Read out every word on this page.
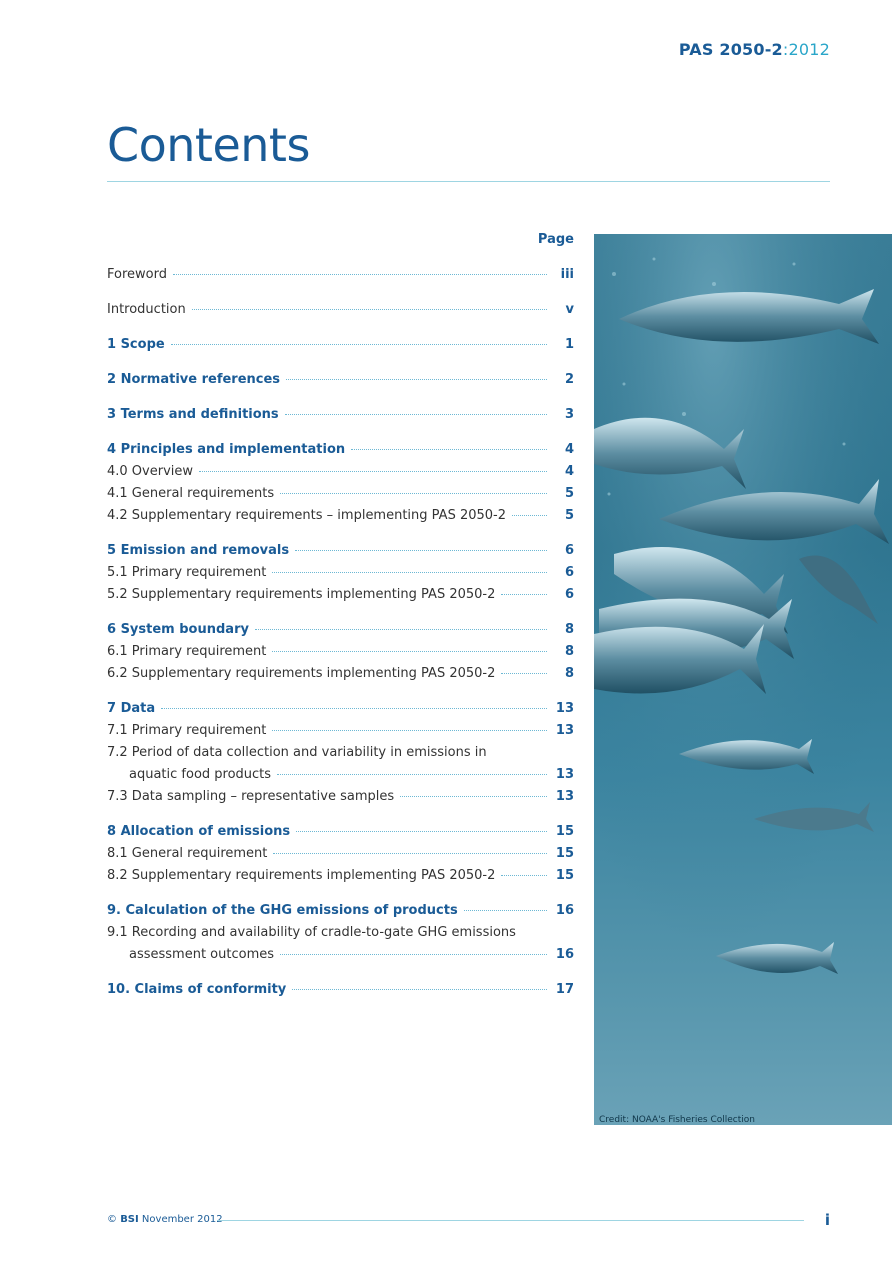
PAS 2050-2:2012
Contents
Page
Foreword	iii
Introduction	v
1 Scope	1
2 Normative references	2
3 Terms and definitions	3
4 Principles and implementation	4
4.0 Overview	4
4.1 General requirements	5
4.2 Supplementary requirements – implementing PAS 2050-2	5
5 Emission and removals	6
5.1 Primary requirement	6
5.2 Supplementary requirements implementing PAS 2050-2	6
6 System boundary	8
6.1 Primary requirement	8
6.2 Supplementary requirements implementing PAS 2050-2	8
7 Data	13
7.1 Primary requirement	13
7.2 Period of data collection and variability in emissions in
aquatic food products	13
7.3 Data sampling – representative samples	13
8 Allocation of emissions	15
8.1 General requirement	15
8.2 Supplementary requirements implementing PAS 2050-2	15
9. Calculation of the GHG emissions of products	16
9.1 Recording and availability of cradle-to-gate GHG emissions
assessment outcomes	16
10. Claims of conformity	17
Credit: NOAA's Fisheries Collection
© BSI November 2012	i
